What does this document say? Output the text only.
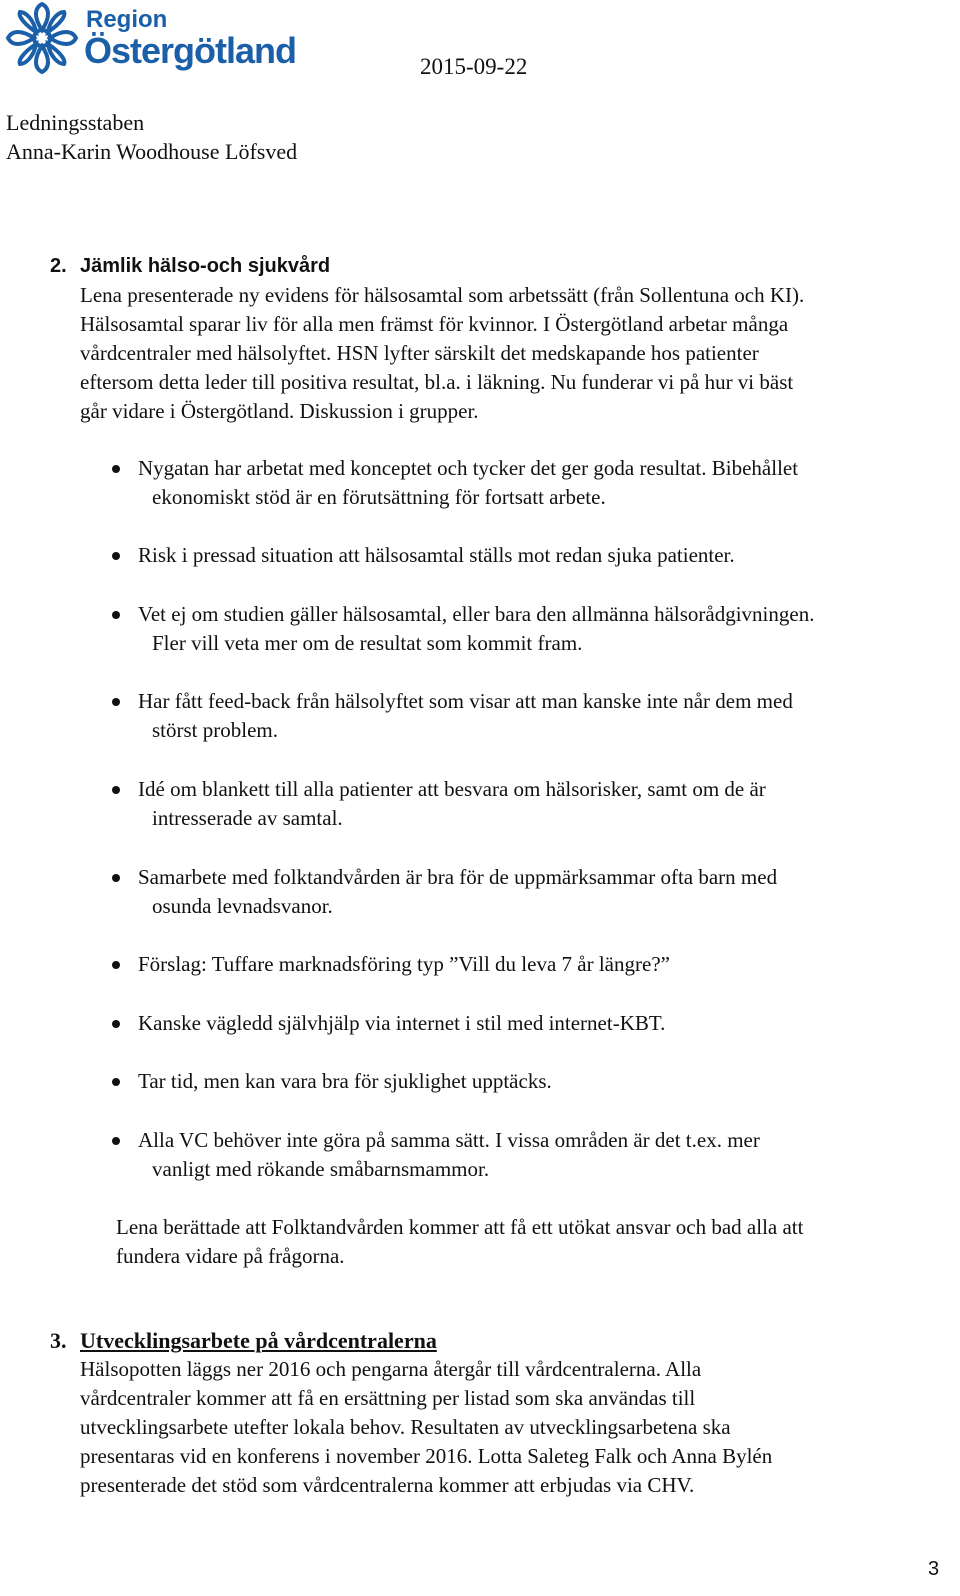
Region
Östergötland	2015-09-22
Ledningsstaben
Anna-Karin Woodhouse Löfsved
2. Jämlik hälso-och sjukvård
Lena presenterade ny evidens för hälsosamtal som arbetssätt (från Sollentuna och KI).
Hälsosamtal sparar liv för alla men främst för kvinnor. I Östergötland arbetar många
vårdcentraler med hälsolyftet. HSN lyfter särskilt det medskapande hos patienter
eftersom detta leder till positiva resultat, bl.a. i läkning. Nu funderar vi på hur vi bäst
går vidare i Östergötland. Diskussion i grupper.
Nygatan har arbetat med konceptet och tycker det ger goda resultat. Bibehållet
ekonomiskt stöd är en förutsättning för fortsatt arbete.
Risk i pressad situation att hälsosamtal ställs mot redan sjuka patienter.
Vet ej om studien gäller hälsosamtal, eller bara den allmänna hälsorådgivningen.
Fler vill veta mer om de resultat som kommit fram.
Har fått feed-back från hälsolyftet som visar att man kanske inte når dem med
störst problem.
Idé om blankett till alla patienter att besvara om hälsorisker, samt om de är
intresserade av samtal.
Samarbete med folktandvården är bra för de uppmärksammar ofta barn med
osunda levnadsvanor.
Förslag: Tuffare marknadsföring typ ”Vill du leva 7 år längre?”
Kanske vägledd självhjälp via internet i stil med internet-KBT.
Tar tid, men kan vara bra för sjuklighet upptäcks.
Alla VC behöver inte göra på samma sätt. I vissa områden är det t.ex. mer
vanligt med rökande småbarnsmammor.
Lena berättade att Folktandvården kommer att få ett utökat ansvar och bad alla att
fundera vidare på frågorna.
3. Utvecklingsarbete på vårdcentralerna
Hälsopotten läggs ner 2016 och pengarna återgår till vårdcentralerna. Alla
vårdcentraler kommer att få en ersättning per listad som ska användas till
utvecklingsarbete utefter lokala behov. Resultaten av utvecklingsarbetena ska
presentaras vid en konferens i november 2016. Lotta Saleteg Falk och Anna Bylén
presenterade det stöd som vårdcentralerna kommer att erbjudas via CHV.
3
